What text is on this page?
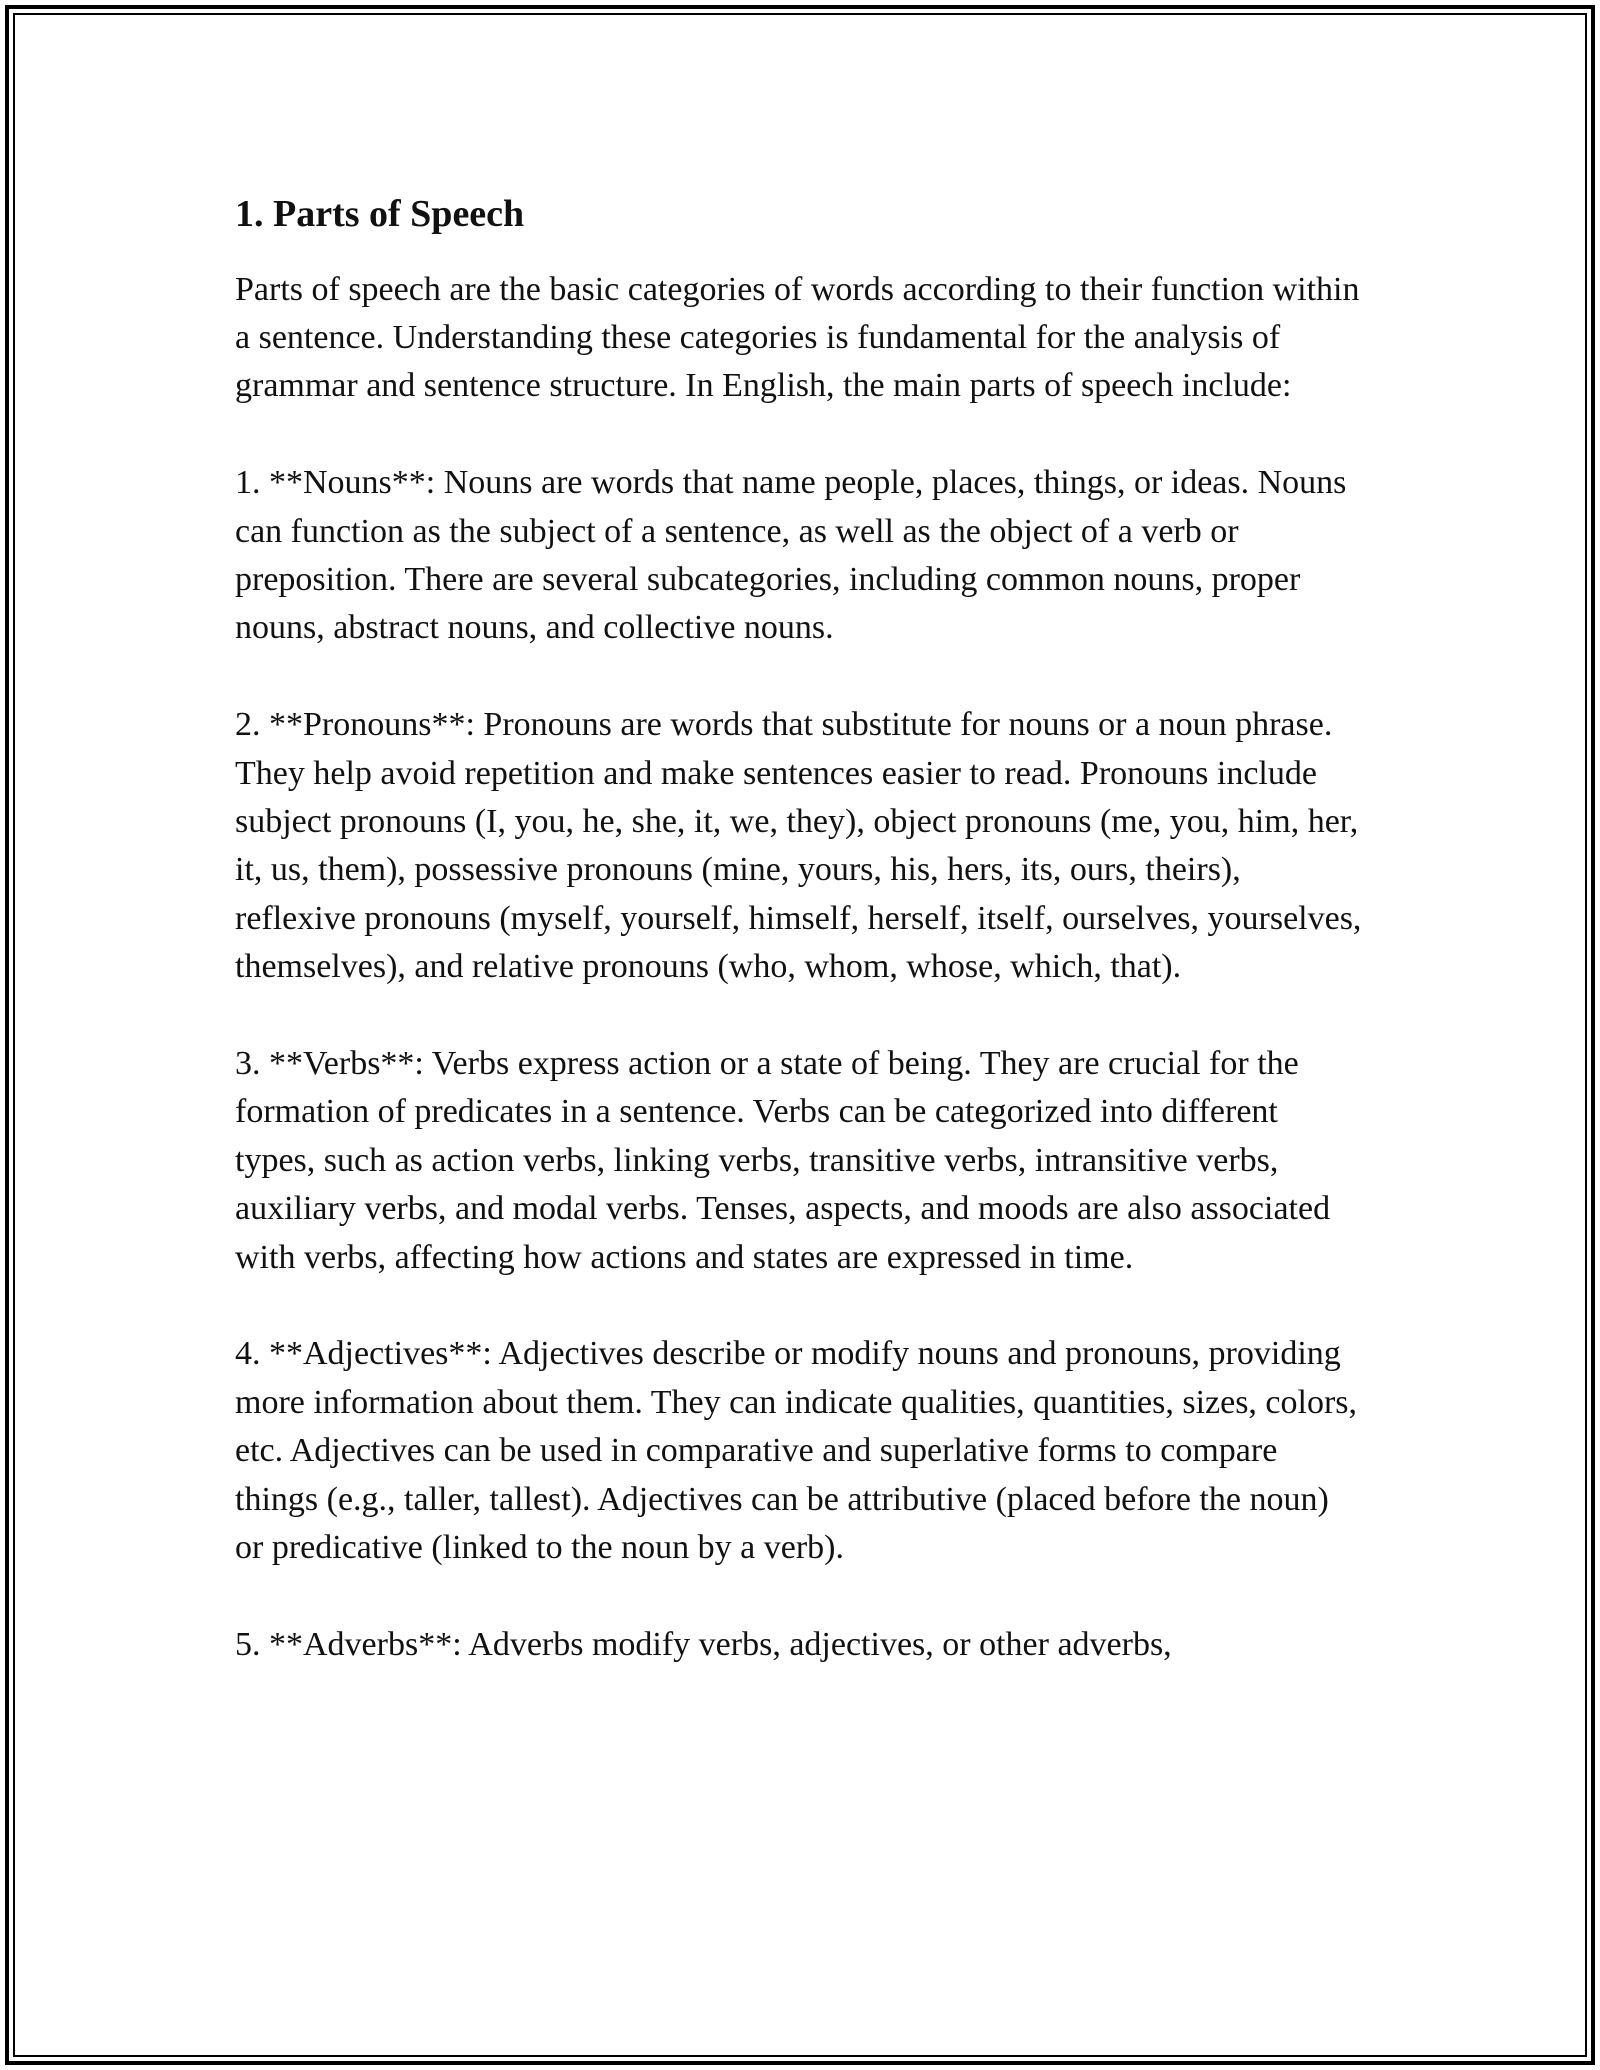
1. Parts of Speech

Parts of speech are the basic categories of words according to their function within a sentence. Understanding these categories is fundamental for the analysis of grammar and sentence structure. In English, the main parts of speech include:

1. **Nouns**: Nouns are words that name people, places, things, or ideas. Nouns can function as the subject of a sentence, as well as the object of a verb or preposition. There are several subcategories, including common nouns, proper nouns, abstract nouns, and collective nouns.

2. **Pronouns**: Pronouns are words that substitute for nouns or a noun phrase. They help avoid repetition and make sentences easier to read. Pronouns include subject pronouns (I, you, he, she, it, we, they), object pronouns (me, you, him, her, it, us, them), possessive pronouns (mine, yours, his, hers, its, ours, theirs), reflexive pronouns (myself, yourself, himself, herself, itself, ourselves, yourselves, themselves), and relative pronouns (who, whom, whose, which, that).

3. **Verbs**: Verbs express action or a state of being. They are crucial for the formation of predicates in a sentence. Verbs can be categorized into different types, such as action verbs, linking verbs, transitive verbs, intransitive verbs, auxiliary verbs, and modal verbs. Tenses, aspects, and moods are also associated with verbs, affecting how actions and states are expressed in time.

4. **Adjectives**: Adjectives describe or modify nouns and pronouns, providing more information about them. They can indicate qualities, quantities, sizes, colors, etc. Adjectives can be used in comparative and superlative forms to compare things (e.g., taller, tallest). Adjectives can be attributive (placed before the noun) or predicative (linked to the noun by a verb).

5. **Adverbs**: Adverbs modify verbs, adjectives, or other adverbs,
